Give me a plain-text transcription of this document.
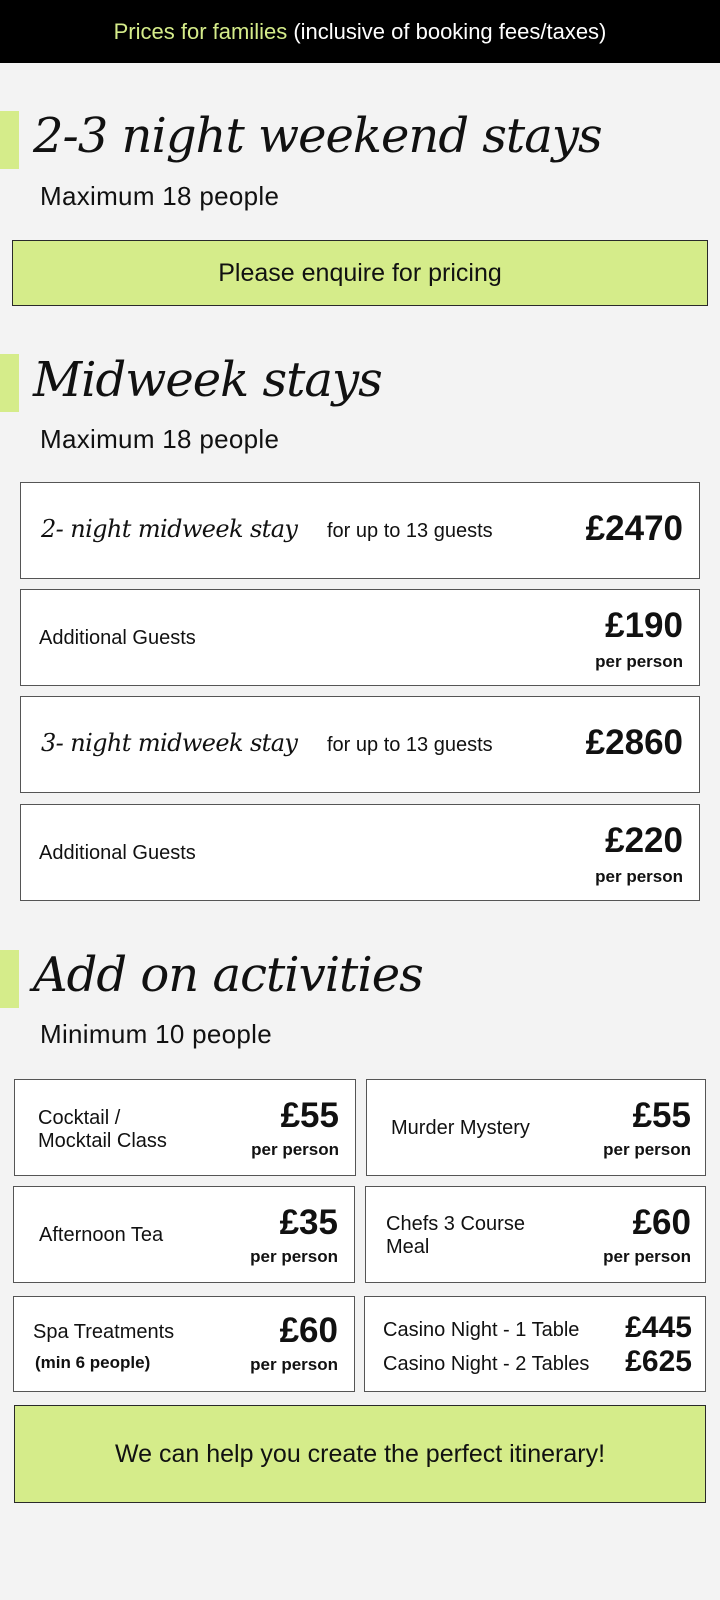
Prices for families
(inclusive of booking fees/taxes)
2-3 night weekend stays
Maximum 18 people
Please enquire for pricing
Midweek stays
Maximum 18 people
2- night midweek stay for up to 13 guests	£2470
Additional Guests	£190
per person
3- night midweek stay for up to 13 guests	£2860
Additional Guests	£220
per person
Add on activities
Minimum 10 people
Cocktail /
Mocktail Class
£55
per person
Murder Mystery	£55
per person
Afternoon Tea	£35
per person
Chefs 3 Course
Meal
£60
per person
Spa Treatments
(min 6 people)
£60
per person
Casino Night - 1 Table £445
Casino Night - 2 Tables £625
We can help you create the perfect itinerary!
